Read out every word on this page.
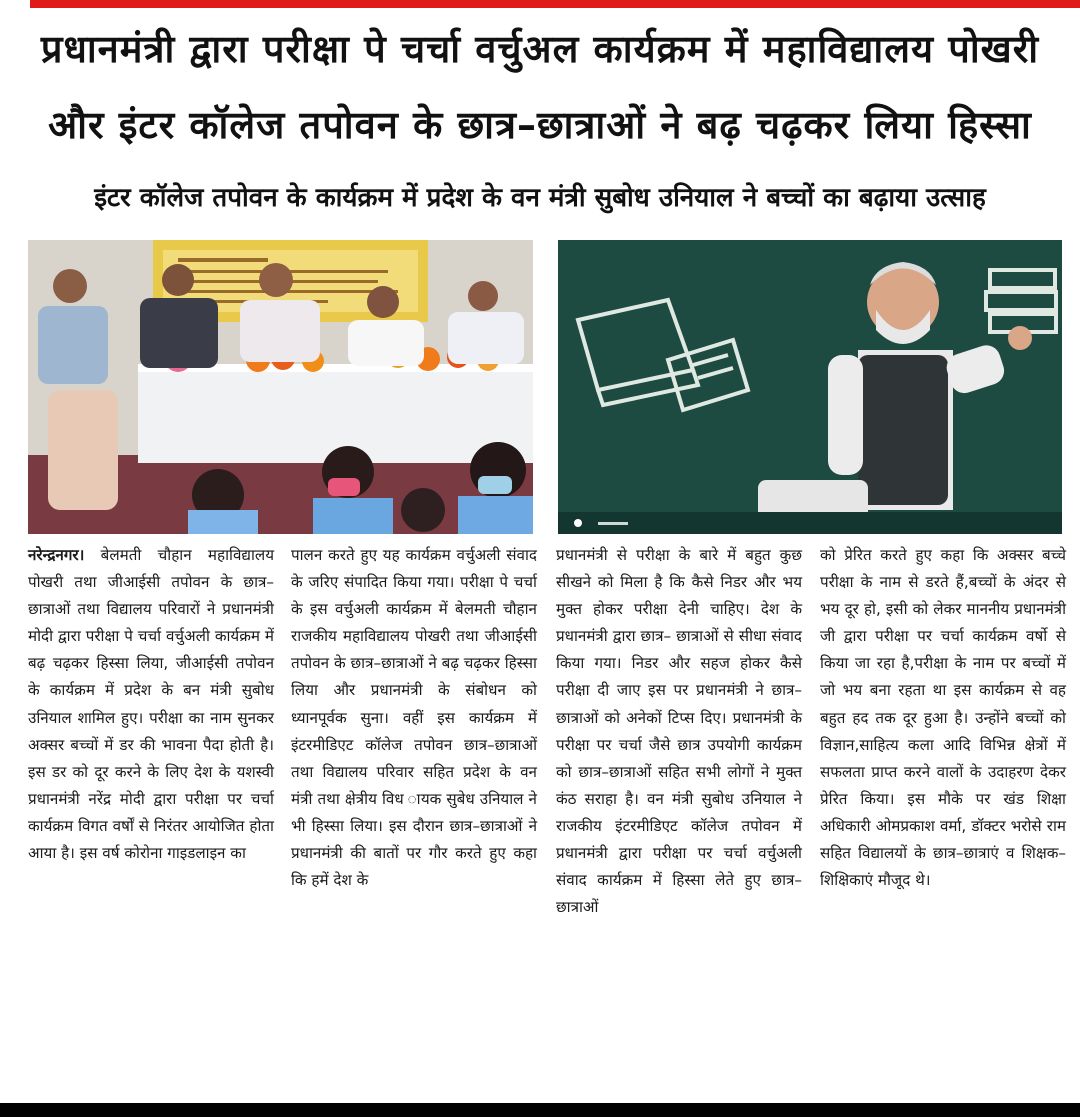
प्रधानमंत्री द्वारा परीक्षा पे चर्चा वर्चुअल कार्यक्रम में महाविद्यालय पोखरी
और इंटर कॉलेज तपोवन के छात्र–छात्राओं ने बढ़ चढ़कर लिया हिस्सा
इंटर कॉलेज तपोवन के कार्यक्रम में प्रदेश के वन मंत्री सुबोध उनियाल ने बच्चों का बढ़ाया उत्साह

नरेन्द्रनगर। बेलमती चौहान महाविद्यालय पोखरी तथा जीआईसी तपोवन के छात्र–छात्राओं तथा विद्यालय परिवारों ने प्रधानमंत्री मोदी द्वारा परीक्षा पे चर्चा वर्चुअली कार्यक्रम में बढ़ चढ़कर हिस्सा लिया, जीआईसी तपोवन के कार्यक्रम में प्रदेश के बन मंत्री सुबोध उनियाल शामिल हुए। परीक्षा का नाम सुनकर अक्सर बच्चों में डर की भावना पैदा होती है। इस डर को दूर करने के लिए देश के यशस्वी प्रधानमंत्री नरेंद्र मोदी द्वारा परीक्षा पर चर्चा कार्यक्रम विगत वर्षों से निरंतर आयोजित होता आया है। इस वर्ष कोरोना गाइडलाइन का

पालन करते हुए यह कार्यक्रम वर्चुअली संवाद के जरिए संपादित किया गया। परीक्षा पे चर्चा के इस वर्चुअली कार्यक्रम में बेलमती चौहान राजकीय महाविद्यालय पोखरी तथा जीआईसी तपोवन के छात्र–छात्राओं ने बढ़ चढ़कर हिस्सा लिया और प्रधानमंत्री के संबोधन को ध्यानपूर्वक सुना। वहीं इस कार्यक्रम में इंटरमीडिएट कॉलेज तपोवन छात्र–छात्राओं तथा विद्यालय परिवार सहित प्रदेश के वन मंत्री तथा क्षेत्रीय विध ायक सुबेध उनियाल ने भी हिस्सा लिया। इस दौरान छात्र–छात्राओं ने प्रधानमंत्री की बातों पर गौर करते हुए कहा कि हमें देश के

प्रधानमंत्री से परीक्षा के बारे में बहुत कुछ सीखने को मिला है कि कैसे निडर और भय मुक्त होकर परीक्षा देनी चाहिए। देश के प्रधानमंत्री द्वारा छात्र– छात्राओं से सीधा संवाद किया गया। निडर और सहज होकर कैसे परीक्षा दी जाए इस पर प्रधानमंत्री ने छात्र– छात्राओं को अनेकों टिप्स दिए। प्रधानमंत्री के परीक्षा पर चर्चा जैसे छात्र उपयोगी कार्यक्रम को छात्र–छात्राओं सहित सभी लोगों ने मुक्त कंठ सराहा है। वन मंत्री सुबोध उनियाल ने राजकीय इंटरमीडिएट कॉलेज तपोवन में प्रधानमंत्री द्वारा परीक्षा पर चर्चा वर्चुअली संवाद कार्यक्रम में हिस्सा लेते हुए छात्र–छात्राओं

को प्रेरित करते हुए कहा कि अक्सर बच्चे परीक्षा के नाम से डरते हैं,बच्चों के अंदर से भय दूर हो, इसी को लेकर माननीय प्रधानमंत्री जी द्वारा परीक्षा पर चर्चा कार्यक्रम वर्षो से किया जा रहा है,परीक्षा के नाम पर बच्चों में जो भय बना रहता था इस कार्यक्रम से वह बहुत हद तक दूर हुआ है। उन्होंने बच्चों को विज्ञान,साहित्य कला आदि विभिन्न क्षेत्रों में सफलता प्राप्त करने वालों के उदाहरण देकर प्रेरित किया। इस मौके पर खंड शिक्षा अधिकारी ओमप्रकाश वर्मा, डॉक्टर भरोसे राम सहित विद्यालयों के छात्र–छात्राएं व शिक्षक–शिक्षिकाएं मौजूद थे।
